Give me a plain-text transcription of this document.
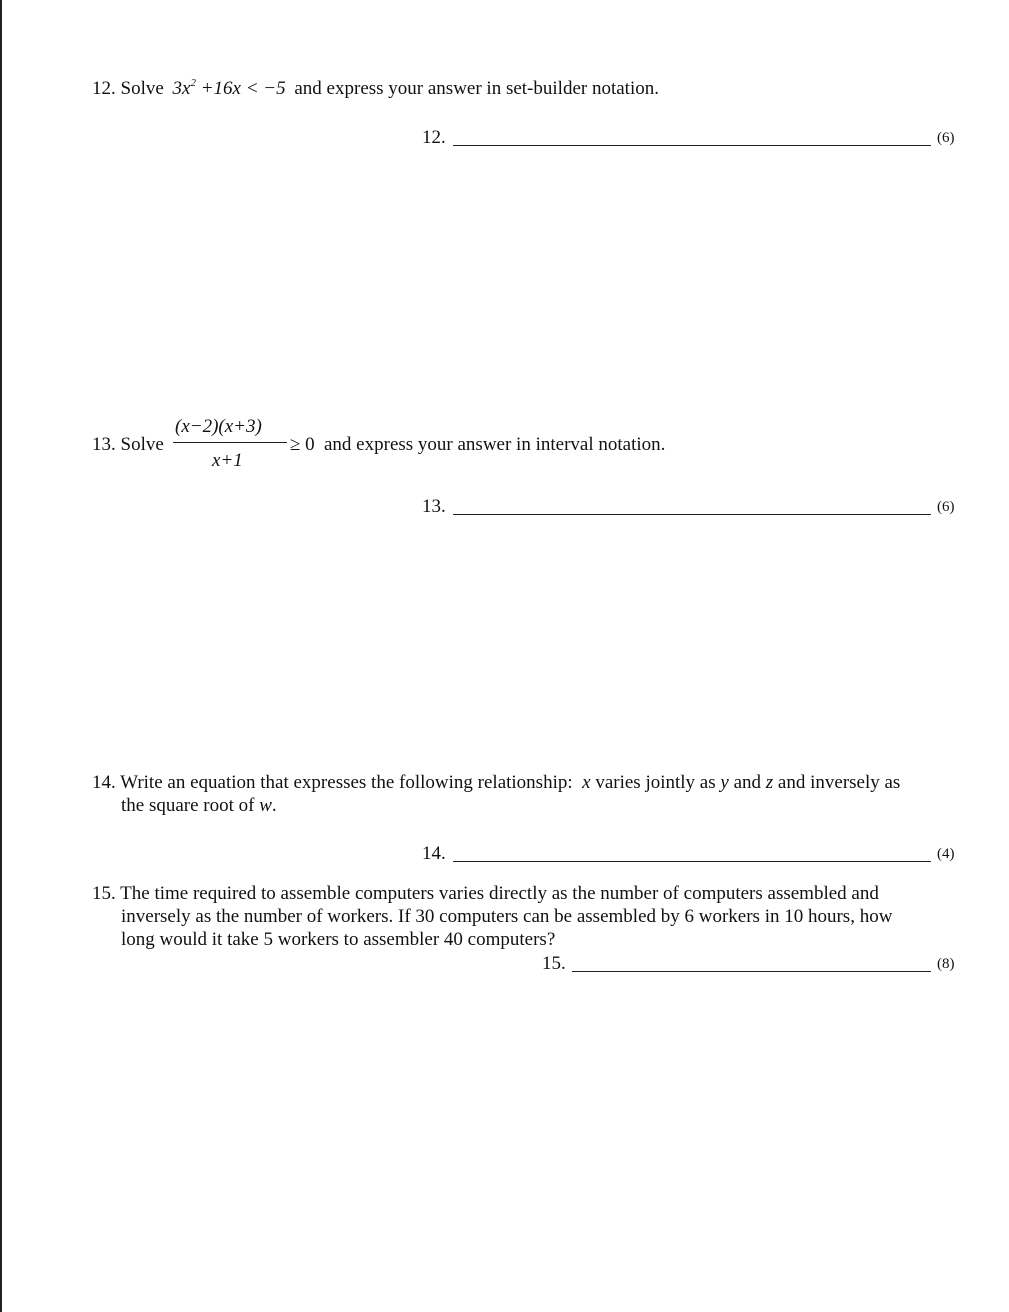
12. Solve $3x^2 +16x < -5$ and express your answer in set-builder notation.
12.	(6)
13. Solve
(x−2)(x+3)
x+1
≥ 0 and express your answer in interval notation.
13.	(6)
14. Write an equation that expresses the following relationship: x varies jointly as y and z and inversely as
the square root of w.
14.	(4)
15. The time required to assemble computers varies directly as the number of computers assembled and
inversely as the number of workers. If 30 computers can be assembled by 6 workers in 10 hours, how
long would it take 5 workers to assembler 40 computers?
15.	(8)
